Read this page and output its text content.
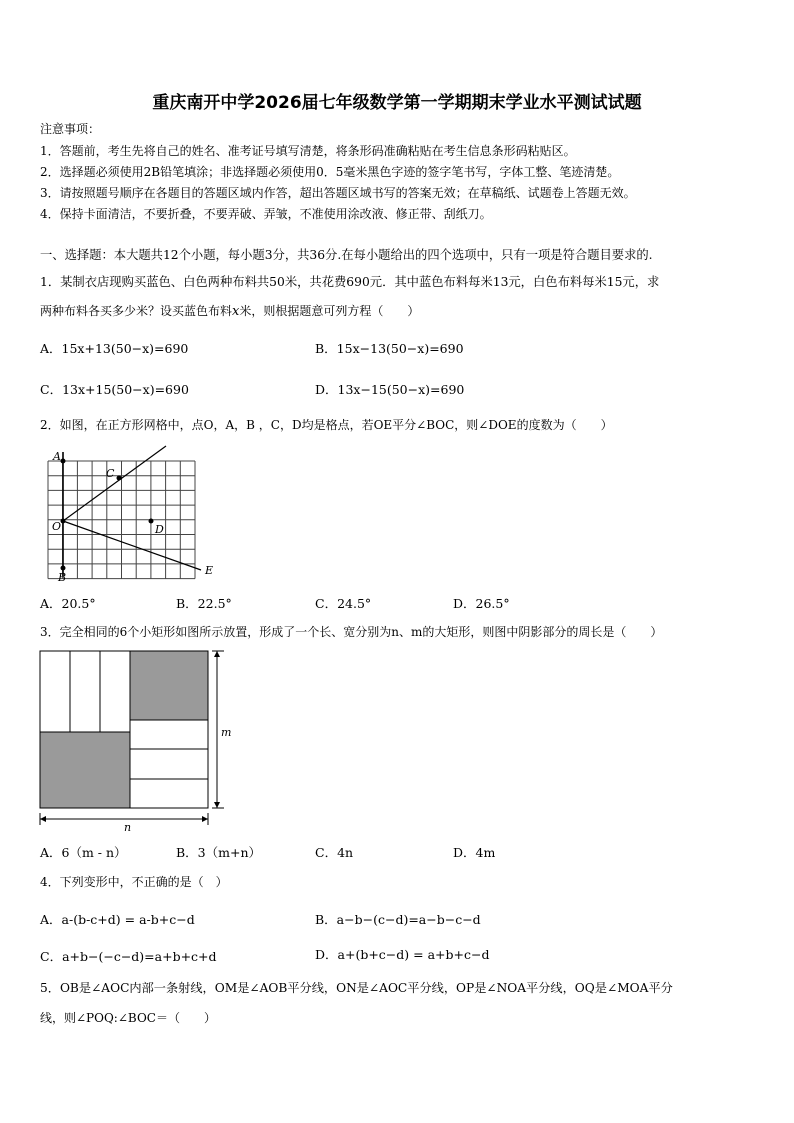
重庆南开中学2026届七年级数学第一学期期末学业水平测试试题
注意事项：
1．答题前，考生先将自己的姓名、准考证号填写清楚，将条形码准确粘贴在考生信息条形码粘贴区。
2．选择题必须使用2B铅笔填涂；非选择题必须使用0．5毫米黑色字迹的签字笔书写，字体工整、笔迹清楚。
3．请按照题号顺序在各题目的答题区域内作答，超出答题区域书写的答案无效；在草稿纸、试题卷上答题无效。
4．保持卡面清洁，不要折叠，不要弄破、弄皱，不准使用涂改液、修正带、刮纸刀。
一、选择题：本大题共12个小题，每小题3分，共36分.在每小题给出的四个选项中，只有一项是符合题目要求的.
1．某制衣店现购买蓝色、白色两种布料共50米，共花费690元．其中蓝色布料每米13元，白色布料每米15元，求
两种布料各买多少米？设买蓝色布料x米，则根据题意可列方程（　　）
A．15x+13(50−x)=690	B．15x−13(50−x)=690
C．13x+15(50−x)=690	D．13x−15(50−x)=690
2．如图，在正方形网格中，点O，A，B ，C，D均是格点，若OE平分∠BOC，则∠DOE的度数为（　　）
A
C
O	D
B
E
A．20.5°	B．22.5°	C．24.5°	D．26.5°
3．完全相同的6个小矩形如图所示放置，形成了一个长、宽分别为n、m的大矩形，则图中阴影部分的周长是（　　）
m
n
A．6（m - n）	B．3（m+n）	C．4n	D．4m
4．下列变形中，不正确的是（　）
A．a-(b-c+d) = a-b+c−d	B．a−b−(c−d)=a−b−c−d
C．a+b−(−c−d)=a+b+c+d	D．a+(b+c−d) = a+b+c−d
5．OB是∠AOC内部一条射线，OM是∠AOB平分线，ON是∠AOC平分线，OP是∠NOA平分线，OQ是∠MOA平分
线，则∠POQ:∠BOC＝（　　）
